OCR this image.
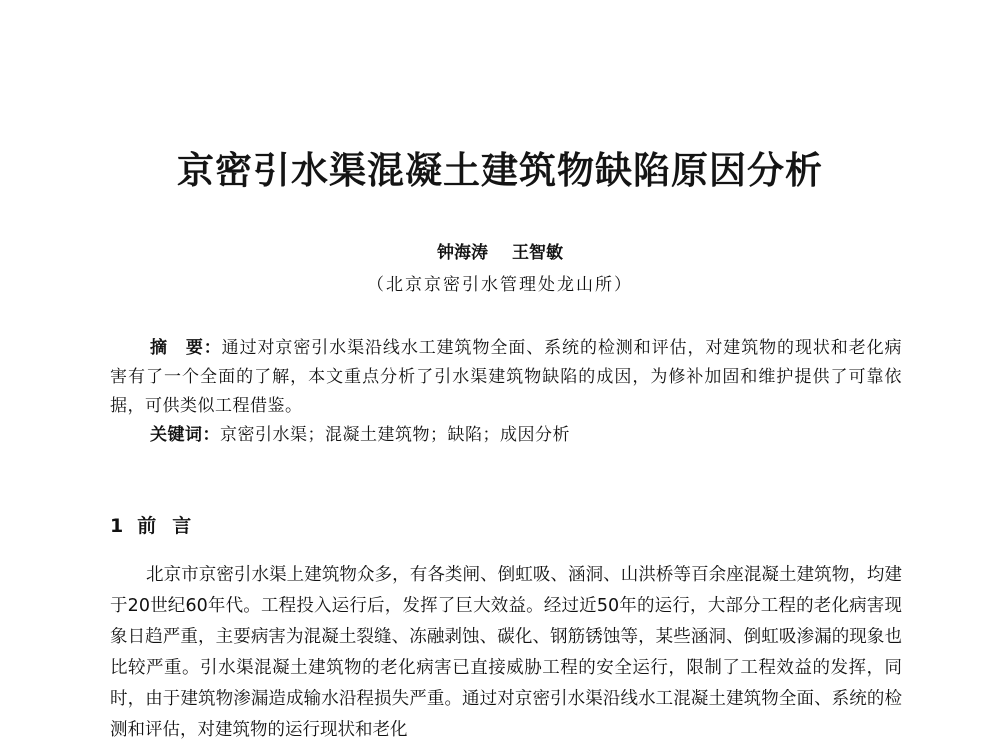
京密引水渠混凝土建筑物缺陷原因分析
钟海涛 王智敏
（北京京密引水管理处龙山所）

摘　要：通过对京密引水渠沿线水工建筑物全面、系统的检测和评估，对建筑物的现状和老化病害有了一个全面的了解，本文重点分析了引水渠建筑物缺陷的成因，为修补加固和维护提供了可靠依据，可供类似工程借鉴。

关键词：京密引水渠；混凝土建筑物；缺陷；成因分析

1 前 言

北京市京密引水渠上建筑物众多，有各类闸、倒虹吸、涵洞、山洪桥等百余座混凝土建筑物，均建于20世纪60年代。工程投入运行后，发挥了巨大效益。经过近50年的运行，大部分工程的老化病害现象日趋严重，主要病害为混凝土裂缝、冻融剥蚀、碳化、钢筋锈蚀等，某些涵洞、倒虹吸渗漏的现象也比较严重。引水渠混凝土建筑物的老化病害已直接威胁工程的安全运行，限制了工程效益的发挥，同时，由于建筑物渗漏造成输水沿程损失严重。通过对京密引水渠沿线水工混凝土建筑物全面、系统的检测和评估，对建筑物的运行现状和老化
